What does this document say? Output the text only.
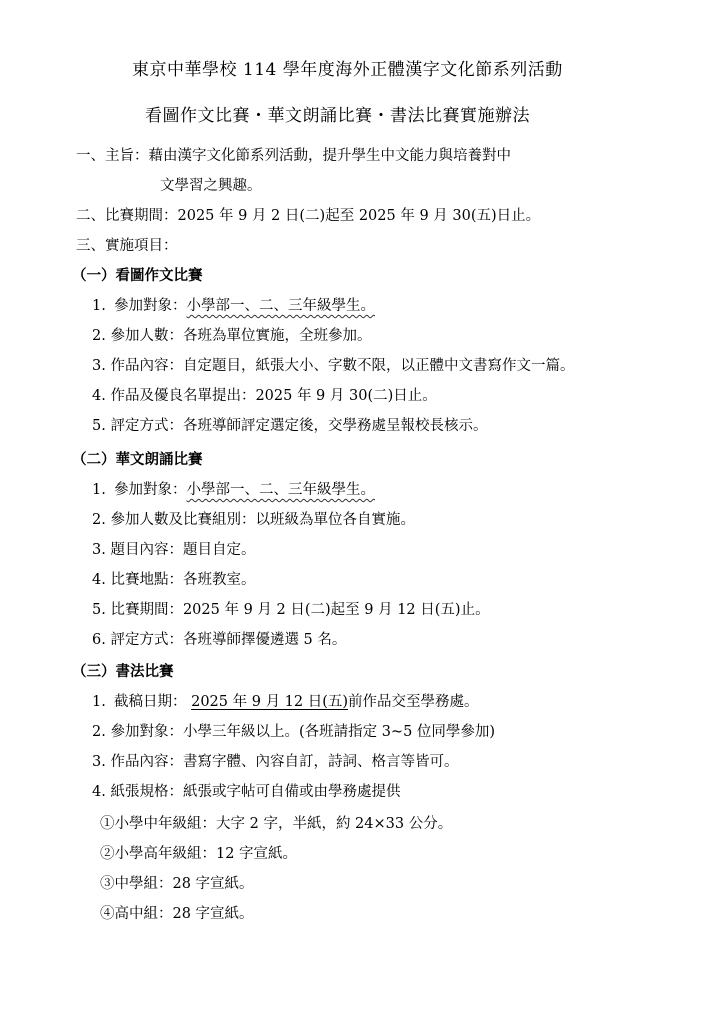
東京中華學校 114 學年度海外正體漢字文化節系列活動
看圖作文比賽・華文朗誦比賽・書法比賽實施辦法
一、主旨：藉由漢字文化節系列活動，提升學生中文能力與培養對中
文學習之興趣。
二、比賽期間：2025 年 9 月 2 日(二)起至 2025 年 9 月 30(五)日止。
三、實施項目：
（一）看圖作文比賽
1. 參加對象：小學部一、二、三年級學生。
2. 參加人數：各班為單位實施，全班參加。
3. 作品內容：自定題目，紙張大小、字數不限，以正體中文書寫作文一篇。
4. 作品及優良名單提出：2025 年 9 月 30(二)日止。
5. 評定方式：各班導師評定選定後，交學務處呈報校長核示。
（二）華文朗誦比賽
1. 參加對象：小學部一、二、三年級學生。
2. 參加人數及比賽組別：以班級為單位各自實施。
3. 題目內容：題目自定。
4. 比賽地點：各班教室。
5. 比賽期間：2025 年 9 月 2 日(二)起至 9 月 12 日(五)止。
6. 評定方式：各班導師擇優遴選 5 名。
（三）書法比賽
1. 截稿日期： 2025 年 9 月 12 日(五)前作品交至學務處。
2. 參加對象：小學三年級以上。(各班請指定 3~5 位同學參加)
3. 作品內容：書寫字體、內容自訂，詩詞、格言等皆可。
4. 紙張規格：紙張或字帖可自備或由學務處提供
①小學中年級組：大字 2 字，半紙，約 24×33 公分。
②小學高年級組：12 字宣紙。
③中學組：28 字宣紙。
④高中組：28 字宣紙。
